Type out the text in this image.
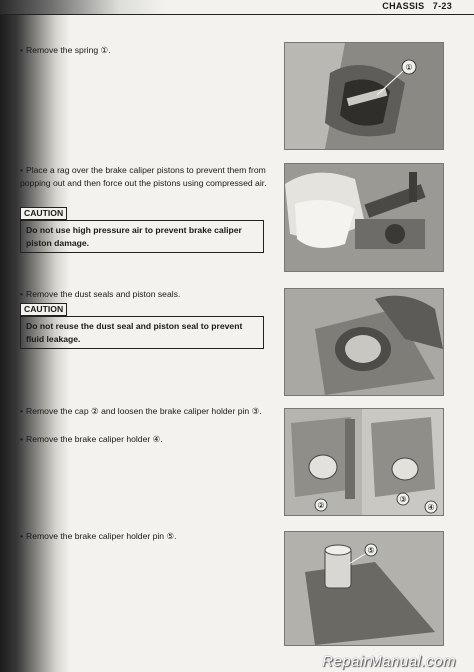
CHASSIS 7-23
• Remove the spring ①.
• Place a rag over the brake caliper pistons to prevent them from popping out and then force out the pistons using compressed air.
CAUTION
Do not use high pressure air to prevent brake caliper piston damage.
• Remove the dust seals and piston seals.
CAUTION
Do not reuse the dust seal and piston seal to prevent fluid leakage.
• Remove the cap ② and loosen the brake caliper holder pin ③.
• Remove the brake caliper holder ④.
• Remove the brake caliper holder pin ⑤.
①
②
③
④
⑤
RepairManual.com
